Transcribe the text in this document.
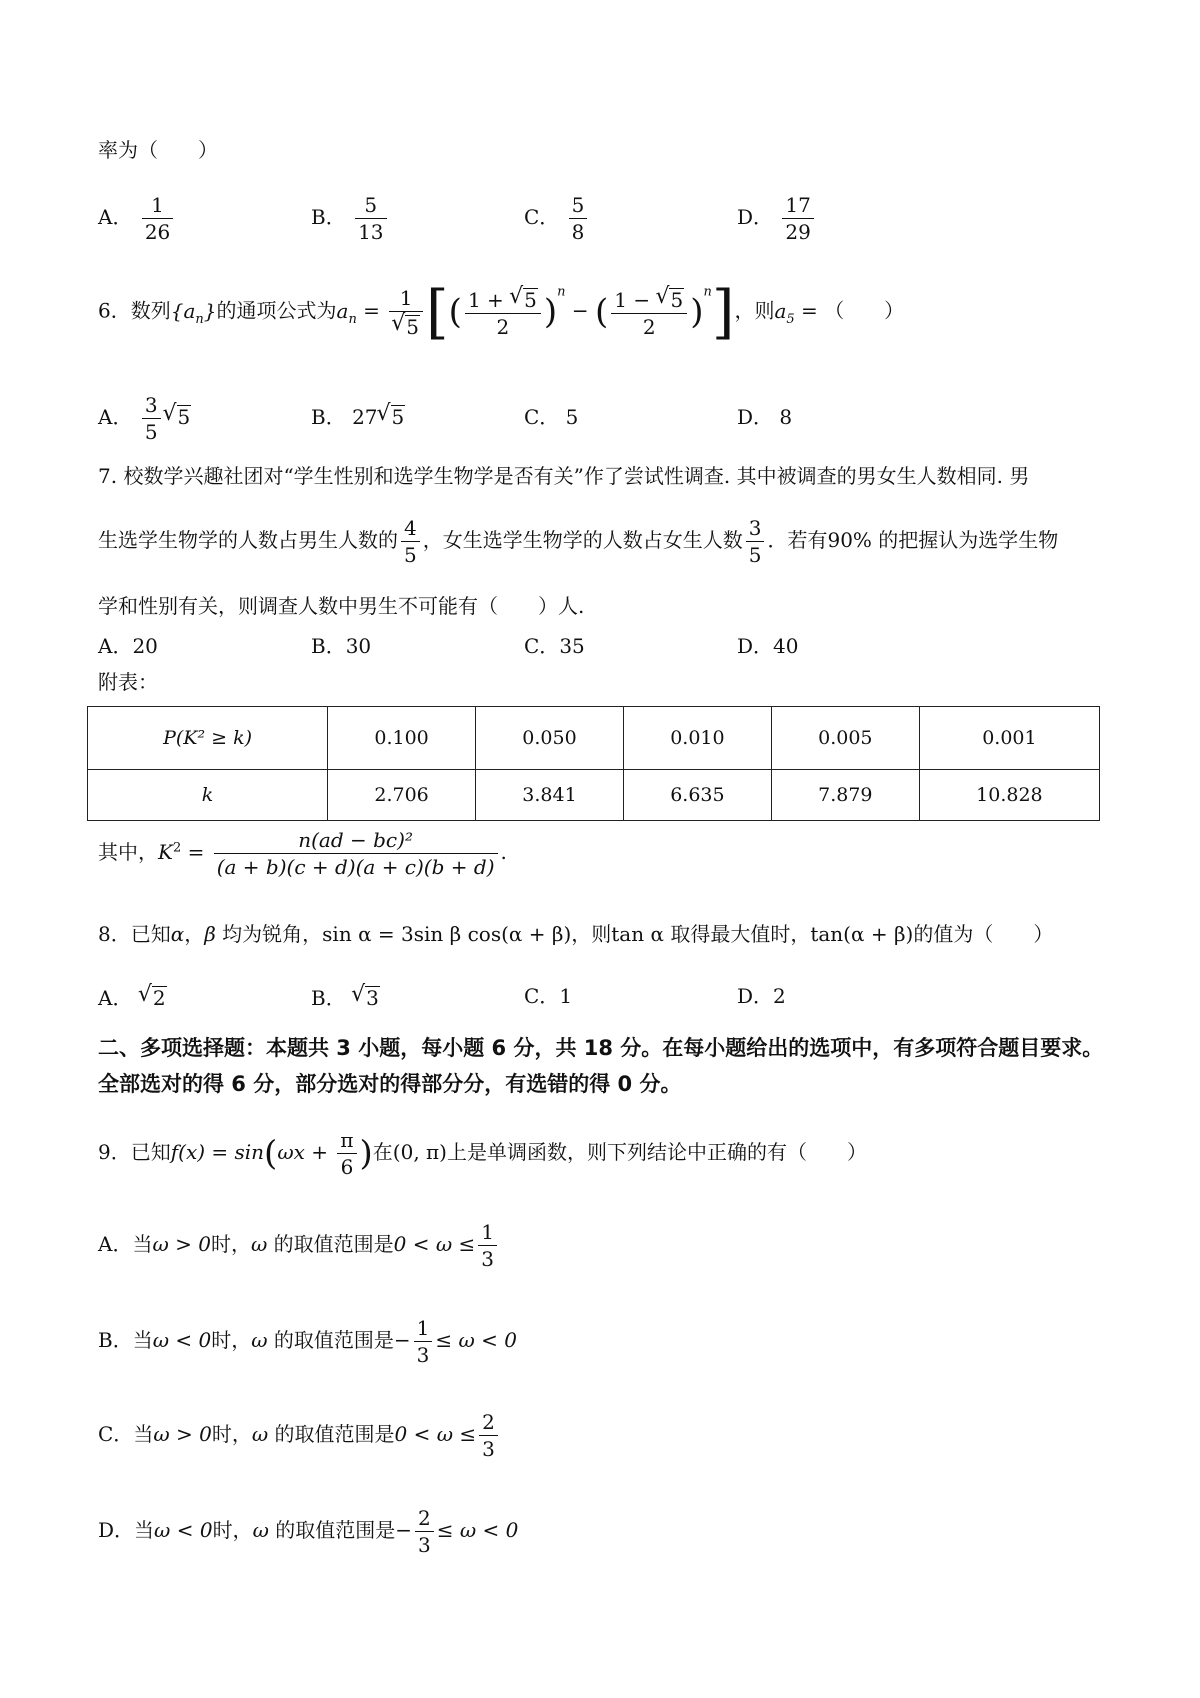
率为（　　）
A． $\frac{1}{26}$	B． $\frac{5}{13}$	C． $\frac{5}{8}$	D． $\frac{17}{29}$
6．数列$\{a_n\}$的通项公式为$a_n = 1$
√ 5 [( $\frac{1 + √ 5}{2} )^n$ − ( $\frac{1 - √ 5}{2} )^n$]，则$a_5$ = （　　）
A． $\frac{3}{5}$ √ 5	B． 27 √ 5	C． 5	D． 8
7. 校数学兴趣社团对“学生性别和选学生物学是否有关”作了尝试性调查. 其中被调查的男女生人数相同. 男
生选学生物学的人数占男生人数的 $\frac{4}{5}$ ，女生选学生物学的人数占女生人数 $\frac{3}{5}$ ．若有90% 的把握认为选学生物
学和性别有关，则调查人数中男生不可能有（　　）人.
A．20	B．30	C．35	D．40
附表：
P(K² ≥ k)	0.100	0.050	0.010	0.005	0.001
k	2.706	3.841	6.635	7.879	10.828
其中，$K^2 = \frac{\text{n(ad − bc)²}}{(a + b)(c + d)(a + c)(b + d)}$ .
8．已知α，β 均为锐角，sin α = 3sin β cos(α + β)，则tan α 取得最大值时，tan(α + β)的值为（　　）
A． √ 2	B． √ 3	C．1	D．2
二、多项选择题：本题共 3 小题，每小题 6 分，共 18 分。在每小题给出的选项中，有多项符合题目要求。全部选对的得 6 分，部分选对的得部分分，有选错的得 0 分。
9．已知$f(x) = \sin(\omega x + \frac{\pi}{6}$ )在(0, π)上是单调函数，则下列结论中正确的有（　　）
A．当ω > 0时，ω 的取值范围是$0 < \omega \le \frac{1}{3}$
B．当ω < 0时，ω 的取值范围是− $\frac{1}{3} \le \omega < 0$
C．当ω > 0时，ω 的取值范围是$0 < \omega \le \frac{2}{3}$
D．当ω < 0时，ω 的取值范围是− $\frac{2}{3} \le \omega < 0$
